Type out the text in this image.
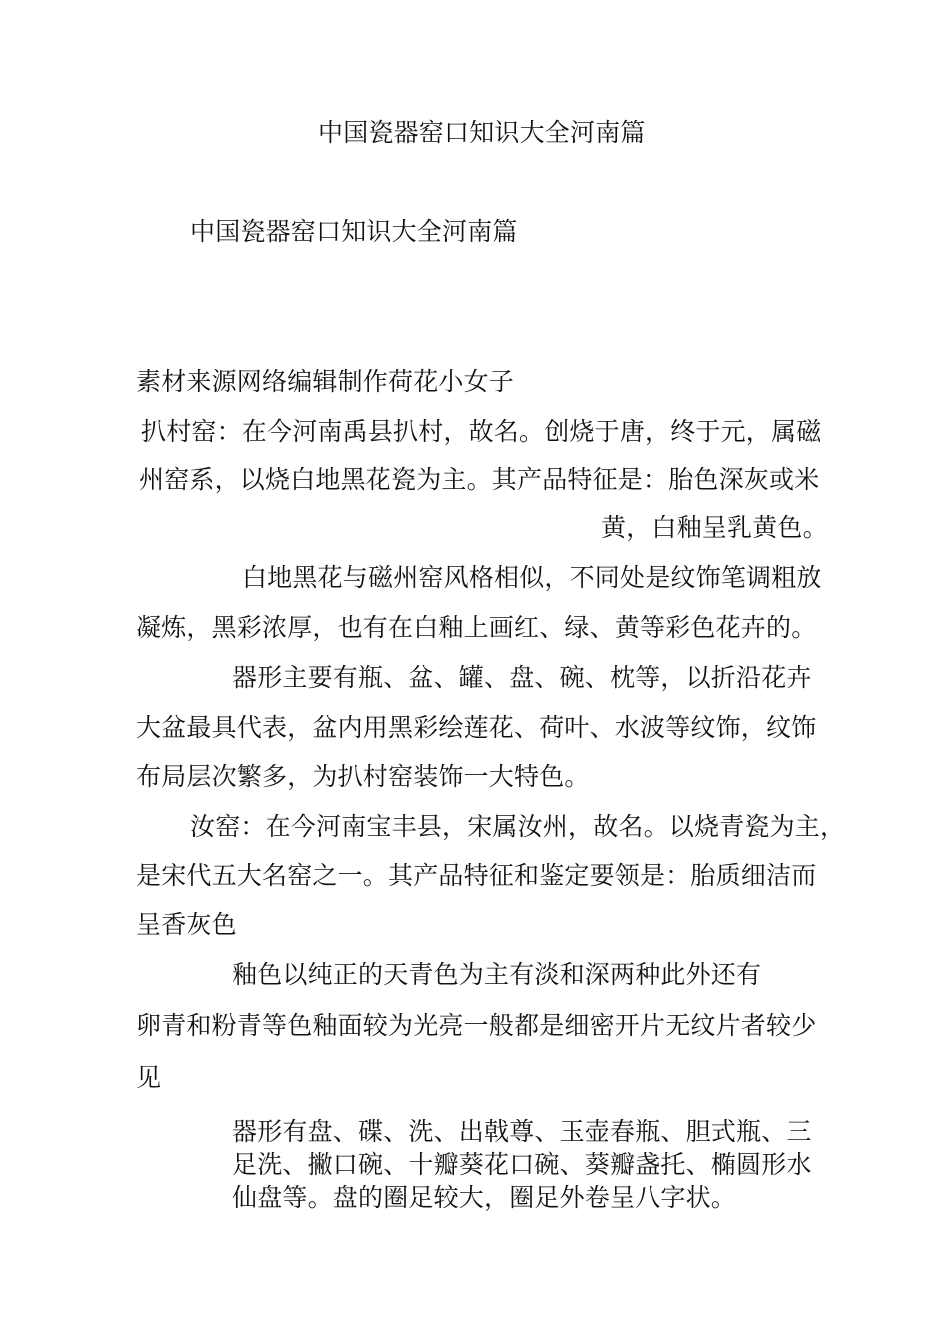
中国瓷器窑口知识大全河南篇
中国瓷器窑口知识大全河南篇
素材来源网络编辑制作荷花小女子
扒村窑：在今河南禹县扒村，故名。创烧于唐，终于元，属磁
州窑系，以烧白地黑花瓷为主。其产品特征是：胎色深灰或米
黄，白釉呈乳黄色。
白地黑花与磁州窑风格相似，不同处是纹饰笔调粗放
凝炼，黑彩浓厚，也有在白釉上画红、绿、黄等彩色花卉的。
器形主要有瓶、盆、罐、盘、碗、枕等，以折沿花卉
大盆最具代表，盆内用黑彩绘莲花、荷叶、水波等纹饰，纹饰
布局层次繁多，为扒村窑装饰一大特色。
汝窑：在今河南宝丰县，宋属汝州，故名。以烧青瓷为主，
是宋代五大名窑之一。其产品特征和鉴定要领是：胎质细洁而
呈香灰色
釉色以纯正的天青色为主有淡和深两种此外还有
卵青和粉青等色釉面较为光亮一般都是细密开片无纹片者较少
见
器形有盘、碟、洗、出戟尊、玉壶春瓶、胆式瓶、三
足洗、撇口碗、十瓣葵花口碗、葵瓣盏托、椭圆形水
仙盘等。盘的圈足较大，圈足外卷呈八字状。
